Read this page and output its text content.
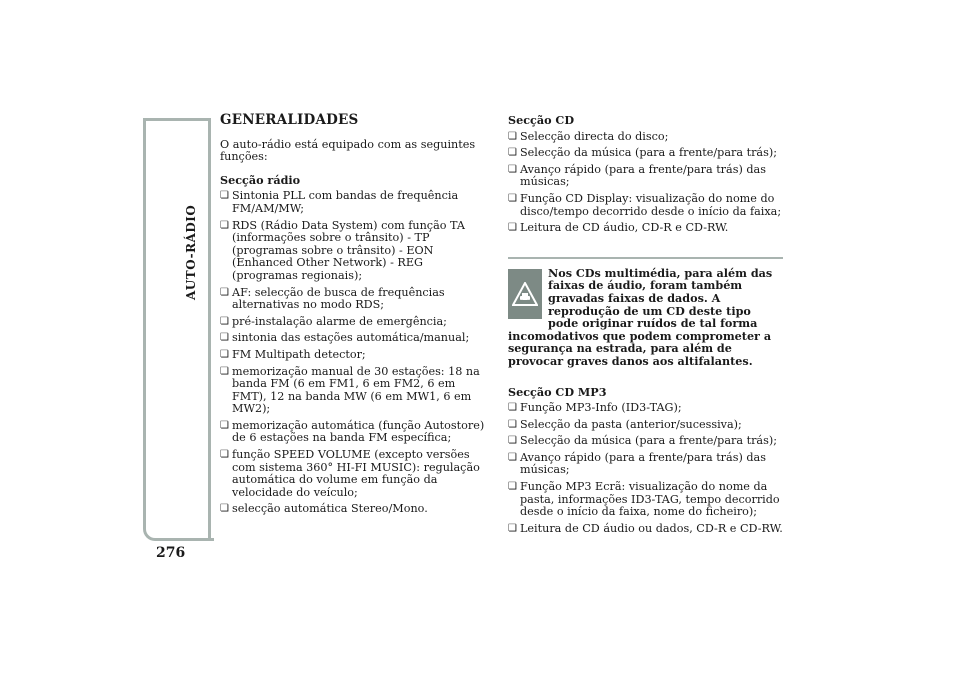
AUTO-RÁDIO
276
GENERALIDADES

O auto-rádio está equipado com as seguintes funções:

Secção rádio
❏ Sintonia PLL com bandas de frequência FM/AM/MW;
❏ RDS (Rádio Data System) com função TA (informações sobre o trânsito) - TP (programas sobre o trânsito) - EON (Enhanced Other Network) - REG (programas regionais);
❏ AF: selecção de busca de frequências alternativas no modo RDS;
❏ pré-instalação alarme de emergência;
❏ sintonia das estações automática/manual;
❏ FM Multipath detector;
❏ memorização manual de 30 estações: 18 na banda FM (6 em FM1, 6 em FM2, 6 em FMT), 12 na banda MW (6 em MW1, 6 em MW2);
❏ memorização automática (função Autostore) de 6 estações na banda FM específica;
❏ função SPEED VOLUME (excepto versões com sistema 360° HI-FI MUSIC): regulação automática do volume em função da velocidade do veículo;
❏ selecção automática Stereo/Mono.
Secção CD
❏ Selecção directa do disco;
❏ Selecção da música (para a frente/para trás);
❏ Avanço rápido (para a frente/para trás) das músicas;
❏ Função CD Display: visualização do nome do disco/tempo decorrido desde o início da faixa;
❏ Leitura de CD áudio, CD-R e CD-RW.
Nos CDs multimédia, para além das faixas de áudio, foram também gravadas faixas de dados. A reprodução de um CD deste tipo pode originar ruídos de tal forma incomodativos que podem comprometer a segurança na estrada, para além de provocar graves danos aos altifalantes.
Secção CD MP3
❏ Função MP3-Info (ID3-TAG);
❏ Selecção da pasta (anterior/sucessiva);
❏ Selecção da música (para a frente/para trás);
❏ Avanço rápido (para a frente/para trás) das músicas;
❏ Função MP3 Ecrã: visualização do nome da pasta, informações ID3-TAG, tempo decorrido desde o início da faixa, nome do ficheiro);
❏ Leitura de CD áudio ou dados, CD-R e CD-RW.
